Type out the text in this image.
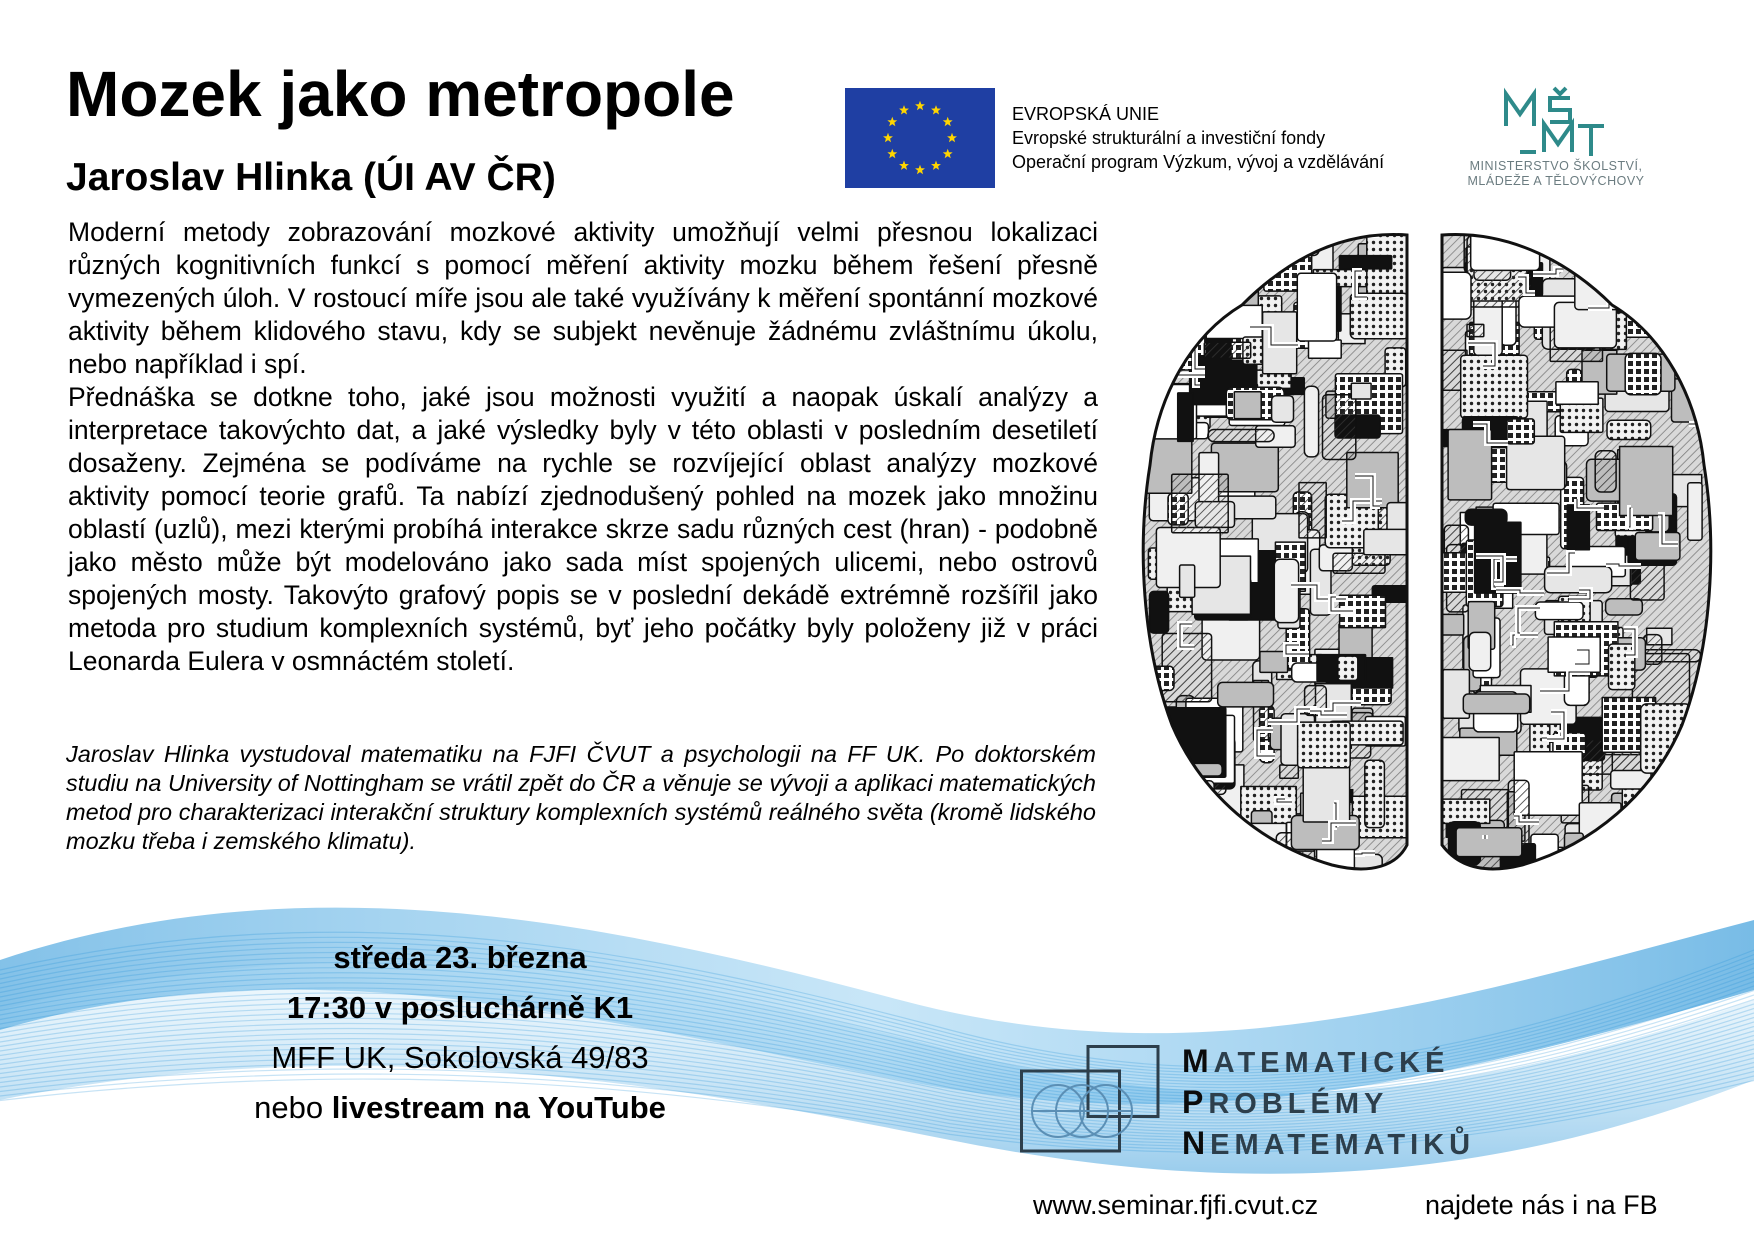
Mozek jako metropole
Jaroslav Hlinka (ÚI AV ČR)

Moderní metody zobrazování mozkové aktivity umožňují velmi přesnou lokalizaci různých kognitivních funkcí s pomocí měření aktivity mozku během řešení přesně vymezených úloh. V rostoucí míře jsou ale také využívány k měření spontánní mozkové aktivity během klidového stavu, kdy se subjekt nevěnuje žádnému zvláštnímu úkolu, nebo například i spí.

Přednáška se dotkne toho, jaké jsou možnosti využití a naopak úskalí analýzy a interpretace takovýchto dat, a jaké výsledky byly v této oblasti v posledním desetiletí dosaženy. Zejména se podíváme na rychle se rozvíjející oblast analýzy mozkové aktivity pomocí teorie grafů. Ta nabízí zjednodušený pohled na mozek jako množinu oblastí (uzlů), mezi kterými probíhá interakce skrze sadu různých cest (hran) - podobně jako město může být modelováno jako sada míst spojených ulicemi, nebo ostrovů spojených mosty. Takovýto grafový popis se v poslední dekádě extrémně rozšířil jako metoda pro studium komplexních systémů, byť jeho počátky byly položeny již v práci Leonarda Eulera v osmnáctém století.

Jaroslav Hlinka vystudoval matematiku na FJFI ČVUT a psychologii na FF UK. Po doktorském studiu na University of Nottingham se vrátil zpět do ČR a věnuje se vývoji a aplikaci matematických metod pro charakterizaci interakční struktury komplexních systémů reálného světa (kromě lidského mozku třeba i zemského klimatu).
EVROPSKÁ UNIE
Evropské strukturální a investiční fondy
Operační program Výzkum, vývoj a vzdělávání	MINISTERSTVO ŠKOLSTVÍ,
MLÁDEŽE A TĚLOVÝCHOVY
středa 23. března
17:30 v posluchárně K1
MFF UK, Sokolovská 49/83
nebo livestream na YouTube
MATEMATICKÉ
PROBLÉMY
NEMATEMATIKŮ
www.seminar.fjfi.cvut.cz	najdete nás i na FB
